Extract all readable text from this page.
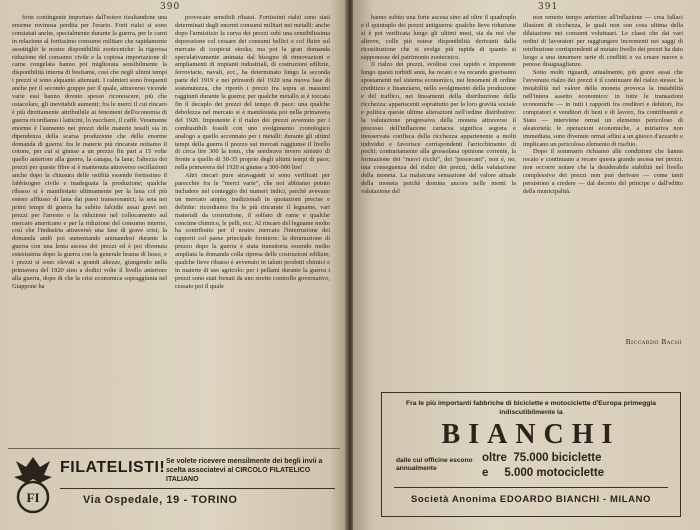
390

forte contingente importato dall'estero risultandone una enorme rovinosa perdita per l'erario. Forti rialzi si sono constatati anche, specialmente durante la guerra, per le carni in relazione al fortissimo consumo militare che rapidamente assottigliò le nostre disponibilità zootecniche: la rigorosa riduzione del consumo civile e la copiosa importazione di carne congelata hanno poi migliorata sensibilmente la disponibilità interna di bestiame, così che negli ultimi tempi i prezzi si sono alquanto attenuati. I calmieri sono frequenti anche per il secondo gruppo per il quale, attraverso vicende varie essi hanno dovuto spesso riconoscere, più che ostacolare, gli inevitabili aumenti; fra le merci il cui rincaro è più direttamente attribuibile ai fenomeni dell'economia di guerra ricordiamo i latticini, lo zucchero, il caffè. Veramente enorme è l'aumento nei prezzi delle materie tessili sia in dipendenza della scarsa produzione che della enorme domanda di guerra: fra le materie più rincarate notiamo il cotone, per cui si giunse a un prezzo fin pari a 15 volte quello anteriore alla guerra, la canapa, la lana; l'altezza dei prezzi per queste fibre si è mantenuta attraverso oscillazioni anche dopo la chiusura delle ostilità essendo fortissimo il fabbisogno civile e inadeguata la produzione; qualche ribasso si è manifestato ultimamente per la lana col più esteso afflusso di lana dai paesi transoceanici; la seta nei primi tempi di guerra ha subìto falcidie assai gravi nei prezzi per l'arresto o la riduzione nel collocamento sul mercato americano e per la riduzione del consumo interno, così che l'industria attraversò una fase di grave crisi; la domanda andò poi aumentando animandosi durante la guerra con una lenta ascesa dei prezzi ed è poi divenuta estesissima dopo la guerra con la generale brama di lusso, e i prezzi si sono elevati a grandi altezze, giungendo nella primavera del 1920 sino a dodici volte il livello anteriore alla guerra, dopo di che la crisi economica sopraggiunta nel Giappone ha

provocato sensibili ribassi. Fortissimi rialzi sono stati determinati dagli enormi consumi militari nei metalli: anche dopo l'armistizio la curva dei prezzi subì una sensibilissima depressione col cessare dei consumi bellici e col fluire sul mercato di cospicui stocks; ma poi la gran domanda speculativamente animata dal bisogno di rinnovazioni e ampliamenti di impianti industriali, di costruzioni edilizie, ferroviarie, navali, ecc., ha determinato lungo la seconda parte del 1919 e nei primordi del 1920 una nuova fase di sostenutezza, che riportò i prezzi fra sopra ai massimi raggiunti durante la guerra; per qualche metallo si è toccato fin il decuplo dei prezzi del tempo di pace: una qualche debolezza nel mercato si è manifestata poi nella primavera del 1920. Imponente è il rialzo dei prezzi avvenuto per i combustibili fossili con uno svolgimento cronologico analogo a quello accennato per i metalli: durante gli ultimi tempi della guerra il prezzo sui mercati raggiunse il livello di circa lire 300 la tonn., che sembrava invero sinistro di fronte a quello di 30-35 proprio degli ultimi tempi di pace; nella primavera del 1920 si giunse a 300-900 lire!

Altri rincari pure stravaganti si sono verificati per parecchie fra le "merci varie", che noi abbiamo potuto includere nel conteggio dei numeri indici, perchè avevano un mercato ampio, tradizionali in quotazioni precise e definite: ricordiamo fra le più rincarate il legname, vari materiali da costruzione, il solfato di rame e qualche concime chimico, le pelli, ecc. Al rincaro del legname molto ha contribuito per il nostro mercato l'interruzione dei rapporti col paese principale fornitore: la diminuzione di prezzo dopo la guerra è stata transitoria essendo molto ampliata la domanda colla ripresa delle costruzioni edilizie; qualche lieve ribasso è avvenuto in taluni prodotti chimici e in materie di uso agricolo: per i pellami durante la guerra i prezzi sono stati frenati da uno stretto controllo governativo, cessato poi il quale

FI
FILATELISTI! Se volete ricevere mensilmente dei begli invii a scelta associatevi al CIRCOLO FILATELICO ITALIANO
Via Ospedale, 19 - TORINO
391

hanno subìto una forte ascesa sino ad oltre il quadruplo e il quintuplo dei prezzi antiguerra: qualche lieve riduzione si è poi verificata lungo gli ultimi mesi, sia da noi che altrove, colle più estese disponibilità derivanti dalla ricostituzione che si svolge più rapida di quanto si supponesse del patrimonio zootecnico.

Il rialzo dei prezzi, svoltosi così rapido e imponente lungo questi torbidi anni, ha recato e va recando gravissimi spostamenti nel sistema economico, nei fenomeni di ordine creditizio e finanziario, nello svolgimento della produzione e del traffico, nei lineamenti della distribuzione della ricchezza: appariscenti soprattutto per la loro gravità sociale e politica queste ultime alterazioni nell'ordine distributivo: la valutazione progressiva della moneta attraverso il processo dell'inflazione cartacea significa segreta e inosservata confisca della ricchezza appartenente a molti individui e favorisce corrispondenti l'arricchimento di pochi; contrariamente alla grossolana opinione corrente, la formazione dei "nuovi ricchi", dei "pescecani", non è, no, una conseguenza del rialzo dei prezzi, della valutazione della moneta. La malsicura sensazione del valore attuale della moneta poichè domina ancora nelle menti la valutazione del

non remoto tempo anteriore all'inflazione — crea fallaci illusioni di ricchezza, le quali non son cosa ultima della dilatazione nei consumi voluttuari. Le classi che dai vari ordini di lavoratori per raggiungere incrementi nei saggi di retribuzione corrispondenti al mutato livello dei prezzi ha dato luogo a una innumere serie di conflitti e va creare nuove e penose disuguaglianze.

Sotto molti riguardi, attualmente, più grave assai che l'avvenuto rialzo dei prezzi è il continuare del rialzo stesso: la instabilità nel valore della moneta provoca la instabilità nell'intera assetto economico: in tutte le transazioni economiche — in tutti i rapporti fra creditori e debitori, fra compratori e venditori di beni e di lavoro, fra contribuenti e Stato — interviene ormai un elemento pericoloso di aleatorietà; le operazioni economiche, a iniziativa non immediata, sono divenute ormai affini a un giuoco d'azzardo e implicano un pericoloso elemento di rischio.

Dopo il sommario richiamo alle condizioni che hanno recato e continuano a recare questa grande ascesa nei prezzi, non occorre notare che la desiderabile stabilità nel livello complessivo dei prezzi non può derivare — come tanti persistono a credere — dal decreto del principe o dall'editto della municipalità.

Riccardo Bachi
Fra le più importanti fabbriche di biciclette e motociclette d'Europa primeggia indiscutibilmente la
BIANCHI
dalle cui officine escono annualmente
oltre 75.000 biciclette
e 5.000 motociclette
Società Anonima EDOARDO BIANCHI - MILANO
